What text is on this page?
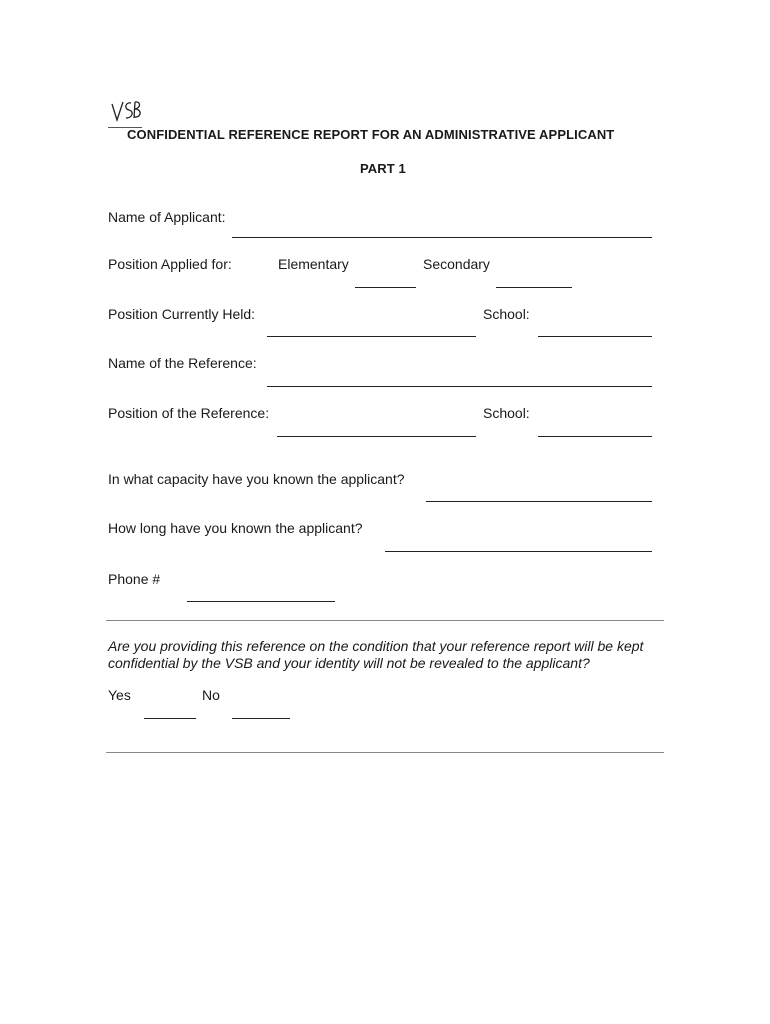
CONFIDENTIAL REFERENCE REPORT FOR AN ADMINISTRATIVE APPLICANT
PART 1
Name of Applicant:
Position Applied for:	Elementary	Secondary
Position Currently Held:	School:
Name of the Reference:
Position of the Reference:	School:
In what capacity have you known the applicant?
How long have you known the applicant?
Phone #
Are you providing this reference on the condition that your reference report will be kept confidential by the VSB and your identity will not be revealed to the applicant?
Yes	No
